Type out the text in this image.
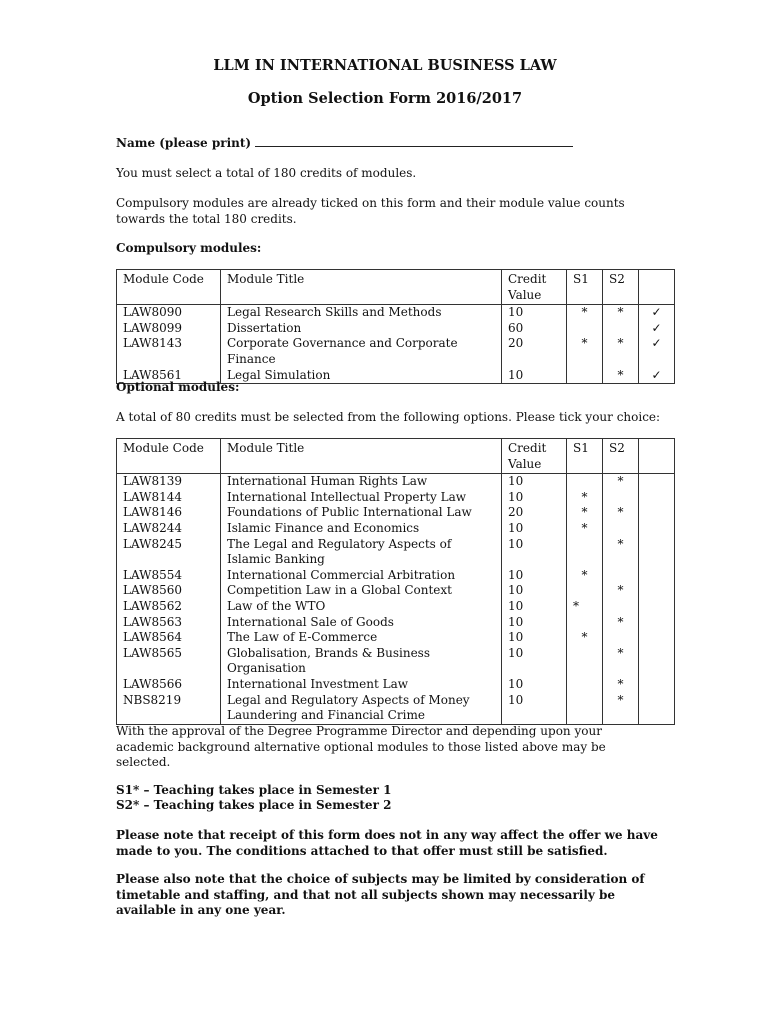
LLM IN INTERNATIONAL BUSINESS LAW
Option Selection Form 2016/2017
Name (please print)
You must select a total of 180 credits of modules.
Compulsory modules are already ticked on this form and their module value counts towards the total 180 credits.
Compulsory modules:
Module Code	Module Title	Credit Value	S1	S2	
LAW8090	Legal Research Skills and Methods	10	*	*	✓
LAW8099	Dissertation	60			✓
LAW8143	Corporate Governance and Corporate Finance	20	*	*	✓
LAW8561	Legal Simulation	10		*	✓
Optional modules:
A total of 80 credits must be selected from the following options. Please tick your choice:
Module Code	Module Title	Credit Value	S1	S2	
LAW8139	International Human Rights Law	10		*	
LAW8144	International Intellectual Property Law	10	*		
LAW8146	Foundations of Public International Law	20	*	*	
LAW8244	Islamic Finance and Economics	10	*		
LAW8245	The Legal and Regulatory Aspects of Islamic Banking	10		*	
LAW8554	International Commercial Arbitration	10	*		
LAW8560	Competition Law in a Global Context	10		*	
LAW8562	Law of the WTO	10	*		
LAW8563	International Sale of Goods	10		*	
LAW8564	The Law of E-Commerce	10	*		
LAW8565	Globalisation, Brands & Business Organisation	10		*	
LAW8566	International Investment Law	10		*	
NBS8219	Legal and Regulatory Aspects of Money Laundering and Financial Crime	10		*	
With the approval of the Degree Programme Director and depending upon your academic background alternative optional modules to those listed above may be selected.
S1* – Teaching takes place in Semester 1
S2* – Teaching takes place in Semester 2
Please note that receipt of this form does not in any way affect the offer we have made to you. The conditions attached to that offer must still be satisfied.
Please also note that the choice of subjects may be limited by consideration of timetable and staffing, and that not all subjects shown may necessarily be available in any one year.
